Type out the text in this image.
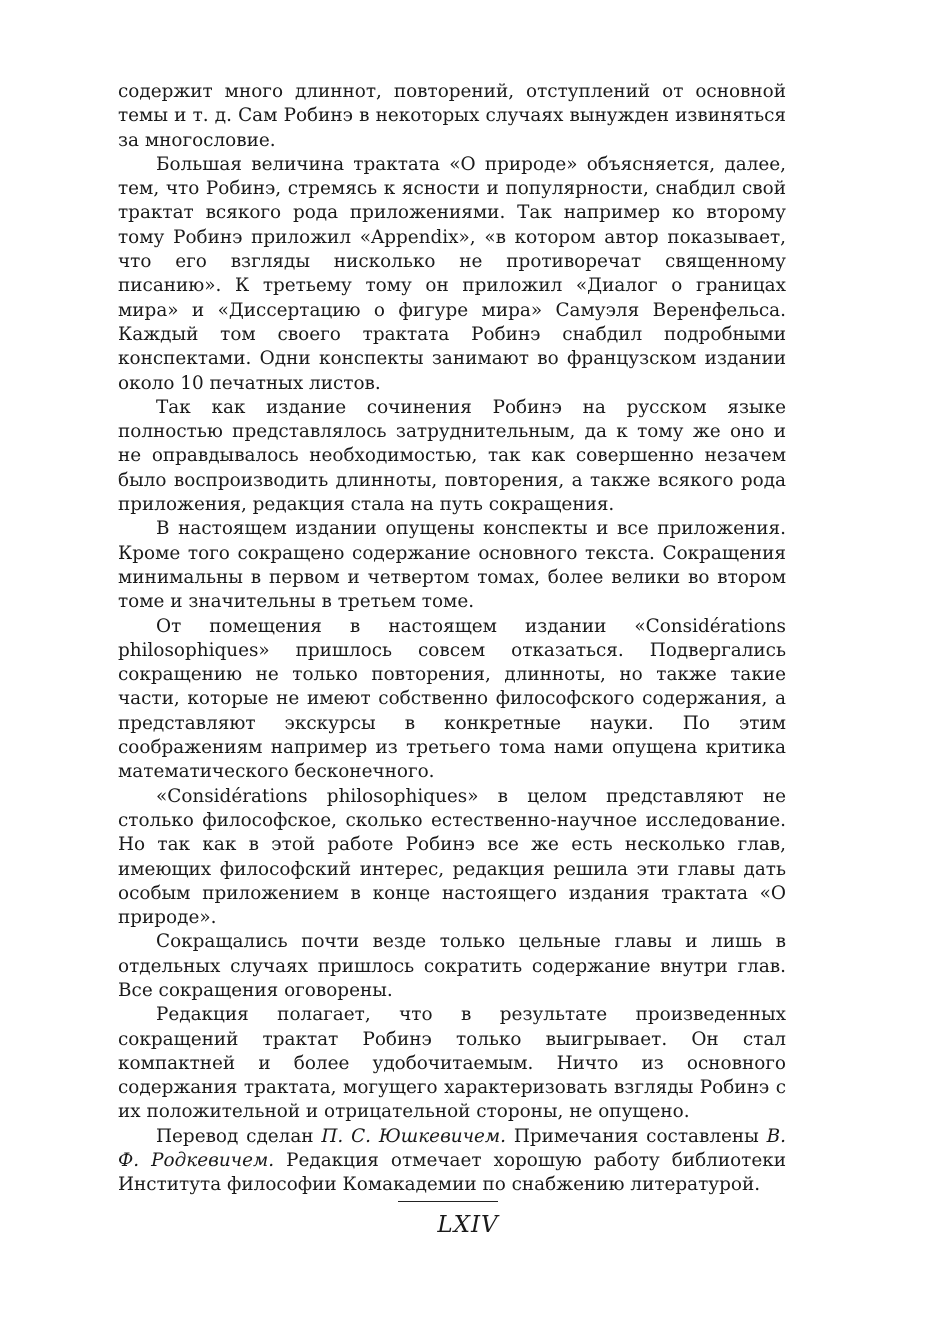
содержит много длиннот, повторений, отступлений от основной темы и т. д. Сам Робинэ в некоторых случаях вынужден извиняться за многословие.

Большая величина трактата «О природе» объясняется, далее, тем, что Робинэ, стремясь к ясности и популярности, снабдил свой трактат всякого рода приложениями. Так например ко второму тому Робинэ приложил «Appendix», «в котором автор показывает, что его взгляды нисколько не противоречат священному писанию». К третьему тому он приложил «Диалог о границах мира» и «Диссертацию о фигуре мира» Самуэля Веренфельса. Каждый том своего трактата Робинэ снабдил подробными конспектами. Одни конспекты занимают во французском издании около 10 печатных листов.

Так как издание сочинения Робинэ на русском языке полностью представлялось затруднительным, да к тому же оно и не оправдывалось необходимостью, так как совершенно незачем было воспроизводить длинноты, повторения, а также всякого рода приложения, редакция стала на путь сокращения.

В настоящем издании опущены конспекты и все приложения. Кроме того сокращено содержание основного текста. Сокращения минимальны в первом и четвертом томах, более велики во втором томе и значительны в третьем томе.

От помещения в настоящем издании «Considérations philosophiques» пришлось совсем отказаться. Подвергались сокращению не только повторения, длинноты, но также такие части, которые не имеют собственно философского содержания, а представляют экскурсы в конкретные науки. По этим соображениям например из третьего тома нами опущена критика математического бесконечного.

«Considérations philosophiques» в целом представляют не столько философское, сколько естественно-научное исследование. Но так как в этой работе Робинэ все же есть несколько глав, имеющих философский интерес, редакция решила эти главы дать особым приложением в конце настоящего издания трактата «О природе».

Сокращались почти везде только цельные главы и лишь в отдельных случаях пришлось сократить содержание внутри глав. Все сокращения оговорены.

Редакция полагает, что в результате произведенных сокращений трактат Робинэ только выигрывает. Он стал компактней и более удобочитаемым. Ничто из основного содержания трактата, могущего характеризовать взгляды Робинэ с их положительной и отрицательной стороны, не опущено.

Перевод сделан П. С. Юшкевичем. Примечания составлены В. Ф. Родкевичем. Редакция отмечает хорошую работу библиотеки Института философии Комакадемии по снабжению литературой.

LXIV
